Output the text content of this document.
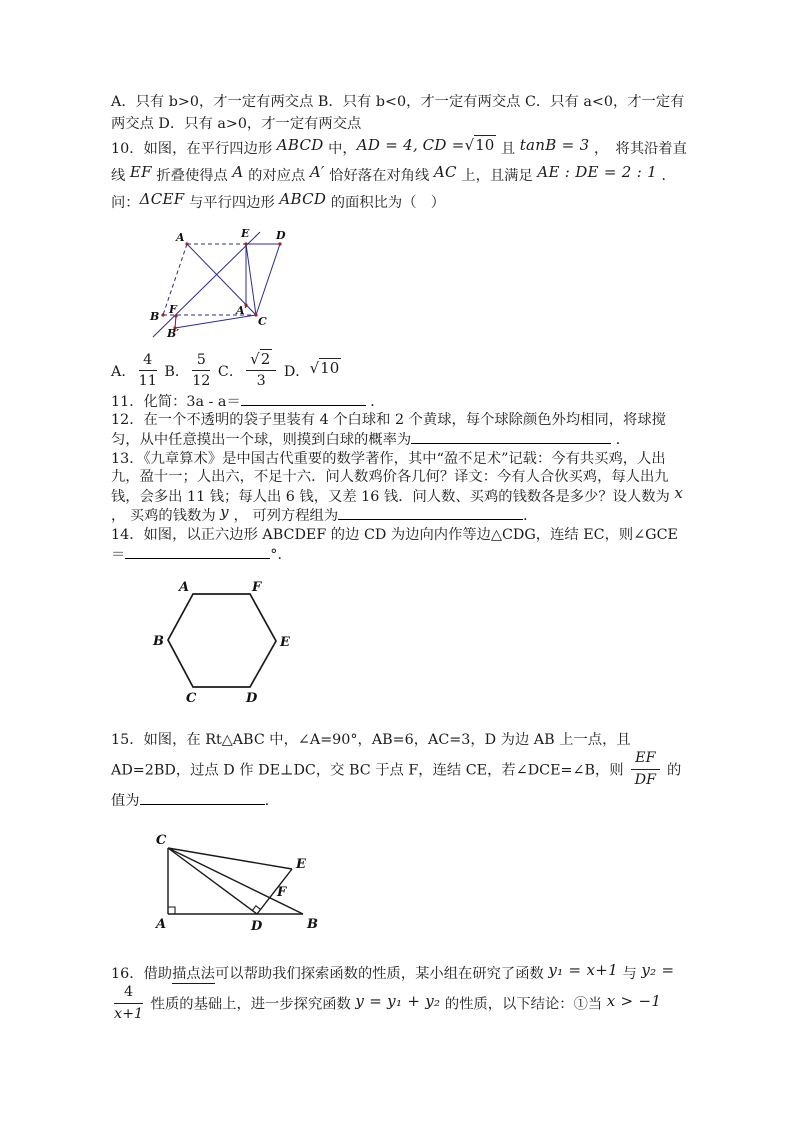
A．只有 b>0，才一定有两交点 B．只有 b<0，才一定有两交点 C．只有 a<0，才一定有两交点 D．只有 a>0，才一定有两交点

10．如图，在平行四边形 ABCD 中，AD = 4, CD =√10 且 tanB = 3 ，　将其沿着直线 EF 折叠使得点 A 的对应点 A′ 恰好落在对角线 AC 上，且满足 AE : DE = 2 : 1 ．问：ΔCEF 与平行四边形 ABCD 的面积比为（　）

A	E D
B
F	A′
C
B′

A． $\frac{4}{11}$ B． $\frac{5}{12}$ C． $\frac{√2}{3}$ D．√10

11．化简：3a - a＝	．

12．在一个不透明的袋子里装有 4 个白球和 2 个黄球，每个球除颜色外均相同，将球搅匀，从中任意摸出一个球，则摸到白球的概率为	．

13．《九章算术》是中国古代重要的数学著作，其中“盈不足术”记载：今有共买鸡，人出九，盈十一；人出六，不足十六．问人数鸡价各几何？译文：今有人合伙买鸡，每人出九钱，会多出 11 钱；每人出 6 钱，又差 16 钱．问人数、买鸡的钱数各是多少？设人数为 x ， 买鸡的钱数为 y ， 可列方程组为	．

14．如图，以正六边形 ABCDEF 的边 CD 为边向内作等边△CDG，连结 EC，则∠GCE＝	°．

A	F
B	E
C	D

15．如图，在 Rt△ABC 中，∠A=90°，AB=6，AC=3，D 为边 AB 上一点，且 AD=2BD，过点 D 作 DE⊥DC，交 BC 于点 F，连结 CE，若∠DCE=∠B，则 $\frac{EF}{DF}$ 的值为	.

C
A	D	B
E
F

16．借助描点法可以帮助我们探索函数的性质，某小组在研究了函数 y₁ = x+1 与 y₂ =
$\frac{4}{x+1}$ 性质的基础上，进一步探究函数 y = y₁ + y₂ 的性质，以下结论：①当 x > −1
